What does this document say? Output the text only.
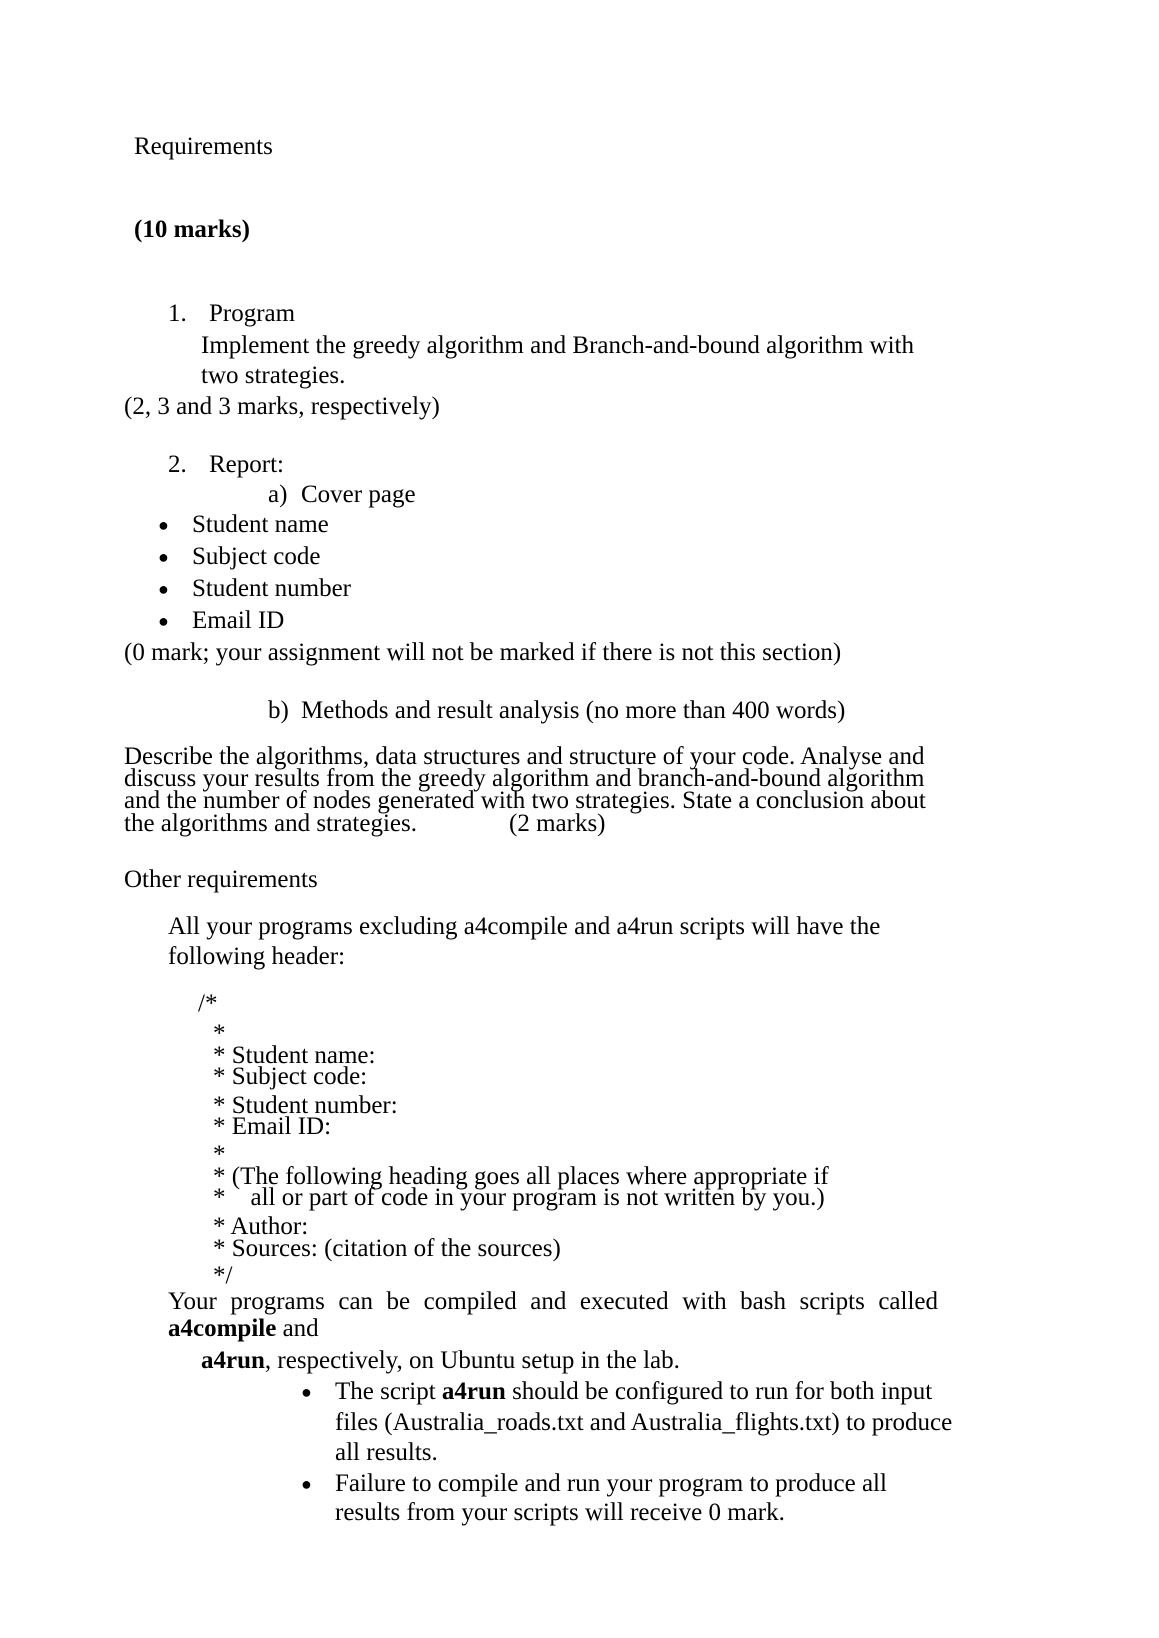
Requirements
(10 marks)
1. Program
Implement the greedy algorithm and Branch-and-bound algorithm with
two strategies.
(2, 3 and 3 marks, respectively)
2. Report:
a) Cover page
● Student name
● Subject code
● Student number
● Email ID
(0 mark; your assignment will not be marked if there is not this section)
b) Methods and result analysis (no more than 400 words)
Describe the algorithms, data structures and structure of your code. Analyse and
discuss your results from the greedy algorithm and branch-and-bound algorithm
and the number of nodes generated with two strategies. State a conclusion about
the algorithms and strategies.	(2 marks)
Other requirements
All your programs excluding a4compile and a4run scripts will have the
following header:
/*
*
* Student name:
* Subject code:
* Student number:
* Email ID:
*
* (The following heading goes all places where appropriate if
*    all or part of code in your program is not written by you.)
* Author:
* Sources: (citation of the sources)
*/
Your programs can be compiled and executed with bash scripts called
a4compile and
a4run, respectively, on Ubuntu setup in the lab.
● The script a4run should be configured to run for both input
files (Australia_roads.txt and Australia_flights.txt) to produce
all results.
● Failure to compile and run your program to produce all
results from your scripts will receive 0 mark.
